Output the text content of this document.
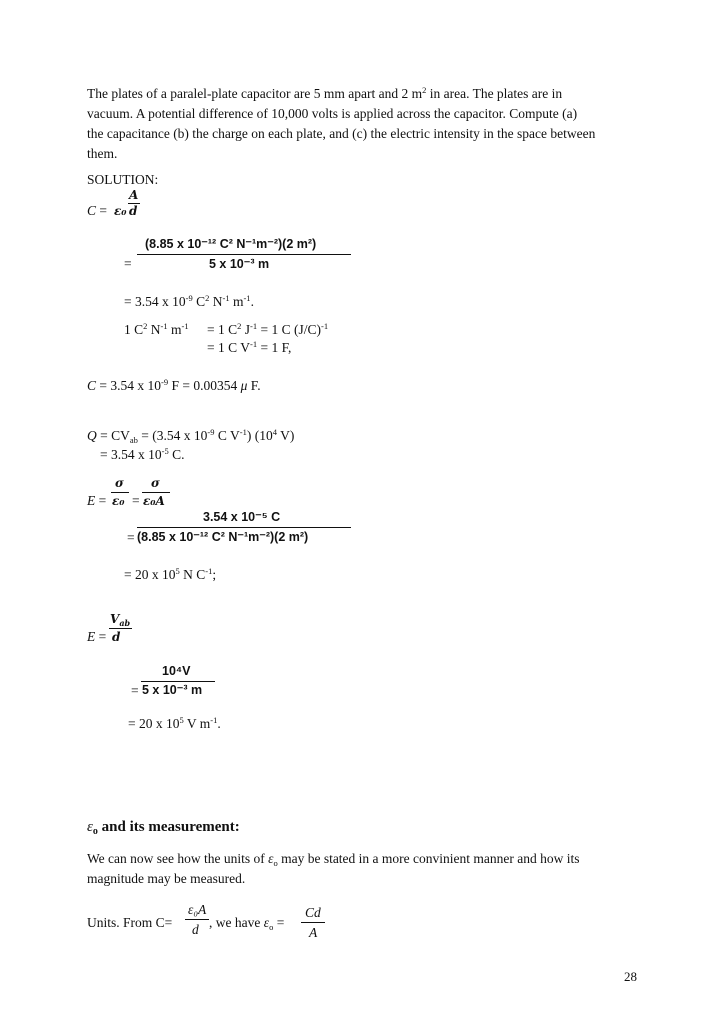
The plates of a paralel-plate capacitor are 5 mm apart and 2 $m^2$ in area. The plates are in

vacuum. A potential difference of 10,000 volts is applied across the capacitor. Compute (a)

the capacitance (b) the charge on each plate, and (c) the electric intensity in the space between

them.

SOLUTION:
C = ε₀
A
d
(8.85 x 10⁻¹² C² N⁻¹m⁻²)(2 m²)
=	5 x 10⁻³ m
= 3.54 x $10^{-9}$ $C^2$ $N^{-1}$ $m^{-1}$.
1 $C^2$ $N^{-1}$ $m^{-1} = 1$ $C^2$ $J^{-1} = 1$ C $(J/C)^{-1}$
= 1 C $V^{-1} = 1$ F,
C = 3.54 x $10^{-9}$ F = 0.00354 μ F.
$Q = CV_{ab} = (3.54$ x $10^{-9}$ C $V^{-1}$) ($10^4$ V)
= 3.54 x $10^{-5}$ C.
E =
σ
ε₀ =
σ
ε₀A
3.54 x 10⁻⁵ C
= (8.85 x 10⁻¹² C² N⁻¹m⁻²)(2 m²)
= 20 x $10^5$ N $C^{-1}$;
E =
$V_{ab}$
d
10⁴V
= 5 x 10⁻³ m
= 20 x $10^5$ V $m^{-1}$.
$\varepsilon_o$ and its measurement:
We can now see how the units of $\varepsilon_o$ may be stated in a more convinient manner and how its
magnitude may be measured.
Units. From C=
ε₀A
d , we have $\varepsilon_o$ =
Cd
A
28
